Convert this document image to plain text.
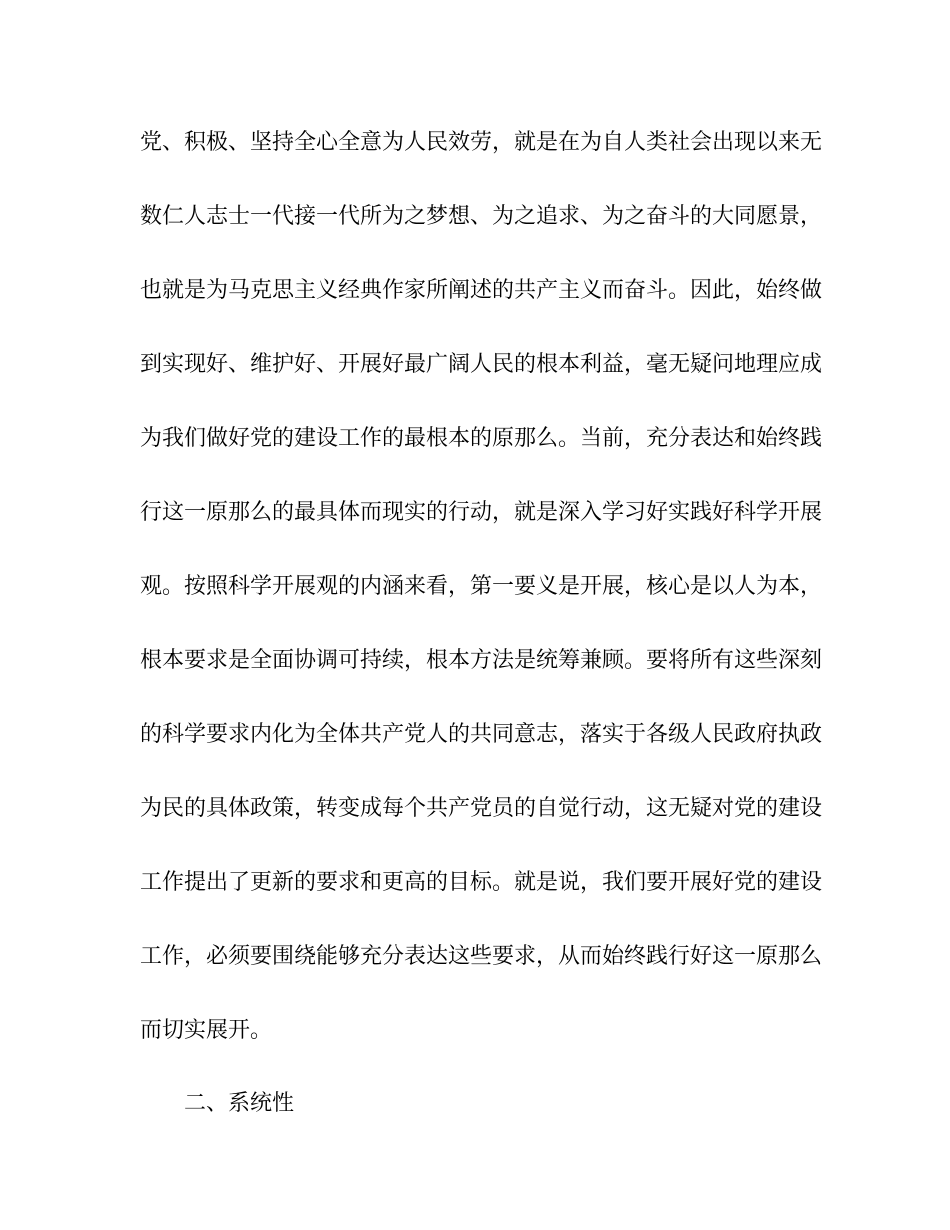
党、积极、坚持全心全意为人民效劳，就是在为自人类社会出现以来无
数仁人志士一代接一代所为之梦想、为之追求、为之奋斗的大同愿景，
也就是为马克思主义经典作家所阐述的共产主义而奋斗。因此，始终做
到实现好、维护好、开展好最广阔人民的根本利益，毫无疑问地理应成
为我们做好党的建设工作的最根本的原那么。当前，充分表达和始终践
行这一原那么的最具体而现实的行动，就是深入学习好实践好科学开展
观。按照科学开展观的内涵来看，第一要义是开展，核心是以人为本，
根本要求是全面协调可持续，根本方法是统筹兼顾。要将所有这些深刻
的科学要求内化为全体共产党人的共同意志，落实于各级人民政府执政
为民的具体政策，转变成每个共产党员的自觉行动，这无疑对党的建设
工作提出了更新的要求和更高的目标。就是说，我们要开展好党的建设
工作，必须要围绕能够充分表达这些要求，从而始终践行好这一原那么
而切实展开。
二、系统性
